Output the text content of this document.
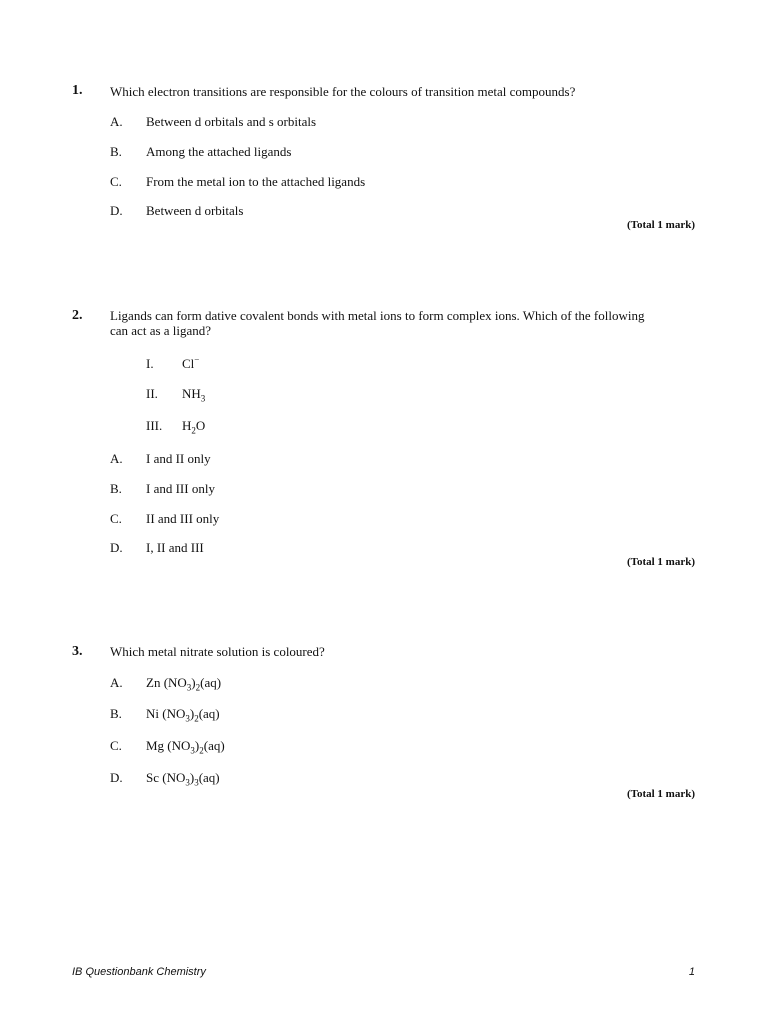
1. Which electron transitions are responsible for the colours of transition metal compounds?
A. Between d orbitals and s orbitals
B. Among the attached ligands
C. From the metal ion to the attached ligands
D. Between d orbitals
(Total 1 mark)
2. Ligands can form dative covalent bonds with metal ions to form complex ions. Which of the following can act as a ligand?
I. Cl−
II. $NH_3$
III. $H_2O$
A. I and II only
B. I and III only
C. II and III only
D. I, II and III
(Total 1 mark)
3. Which metal nitrate solution is coloured?
A. Zn $(NO_3)_2(aq)$
B. Ni $(NO_3)_2(aq)$
C. Mg $(NO_3)_2(aq)$
D. Sc $(NO_3)_3(aq)$
(Total 1 mark)
IB Questionbank Chemistry	1
